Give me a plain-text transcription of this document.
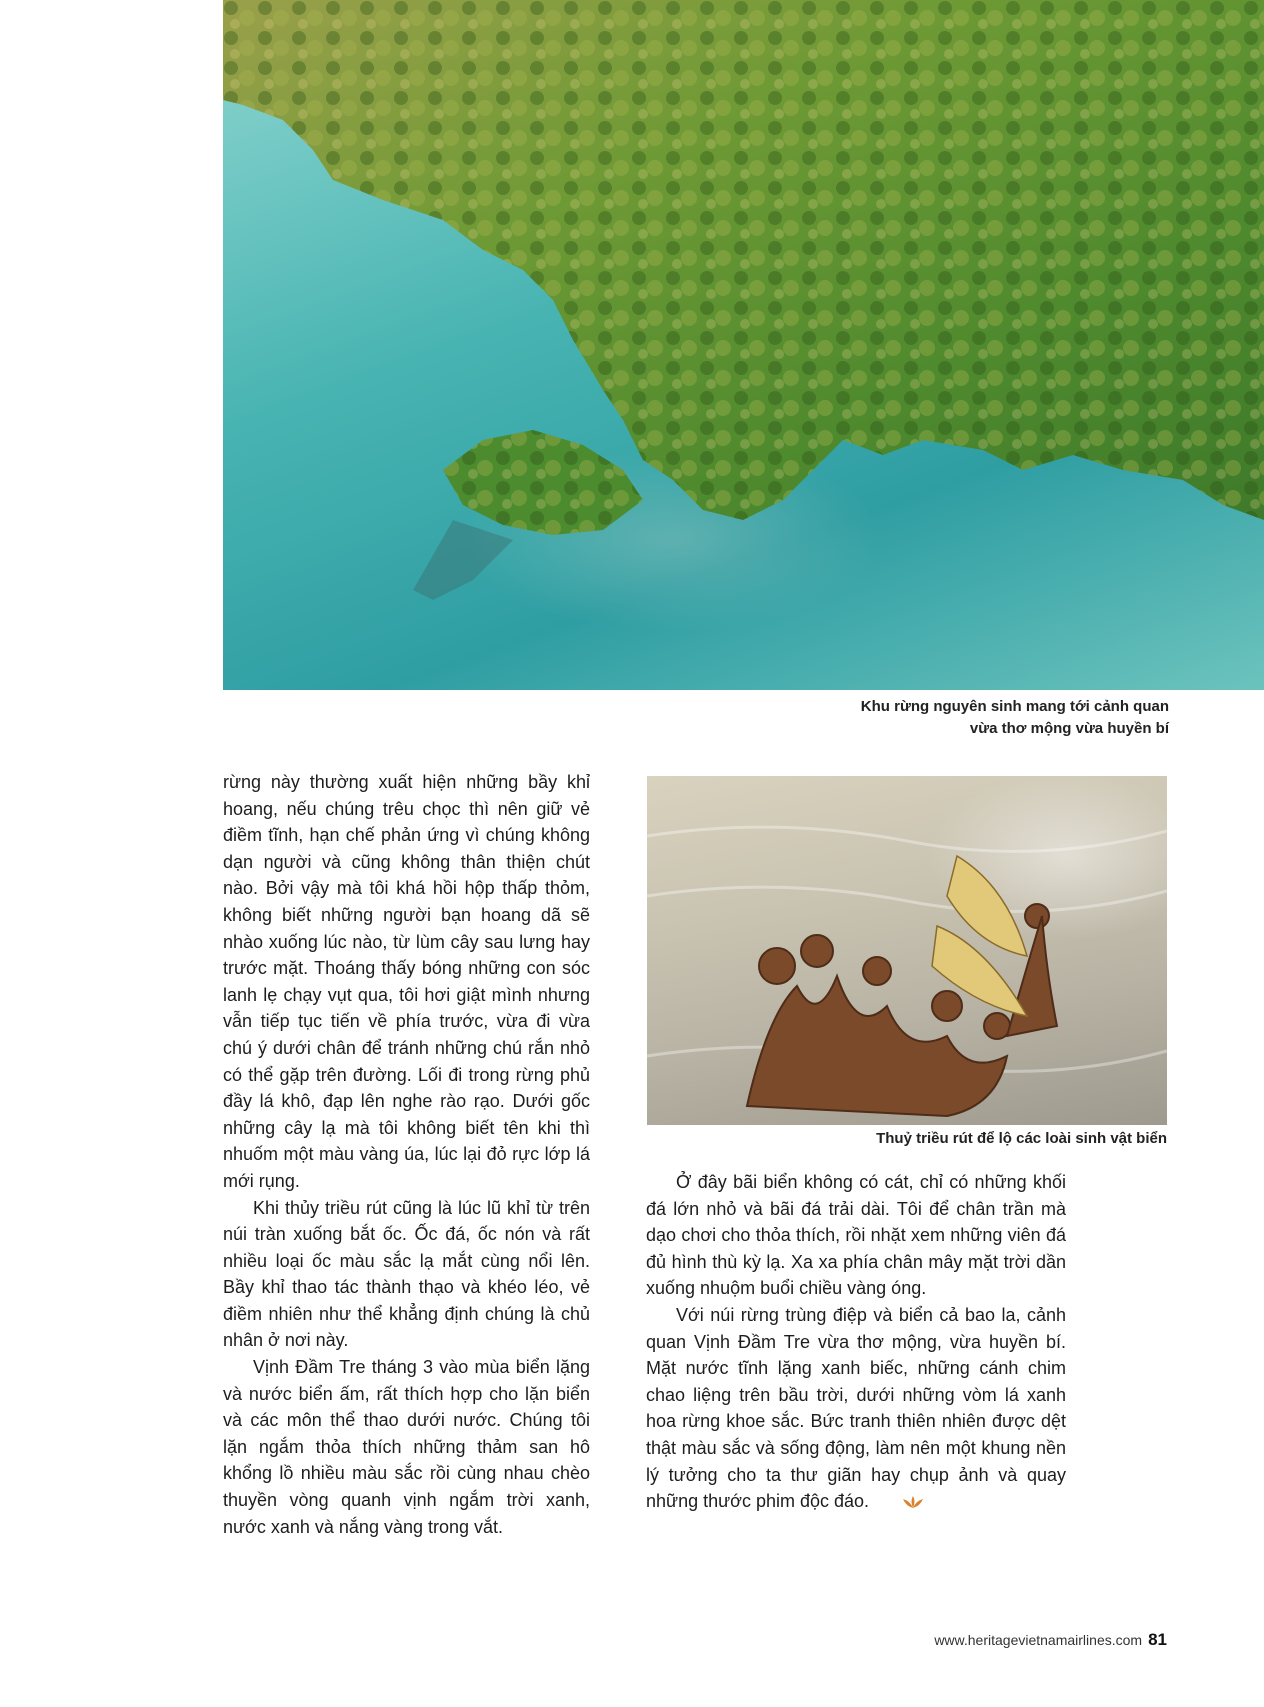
Khu rừng nguyên sinh mang tới cảnh quan
vừa thơ mộng vừa huyền bí

rừng này thường xuất hiện những bầy khỉ hoang, nếu chúng trêu chọc thì nên giữ vẻ điềm tĩnh, hạn chế phản ứng vì chúng không dạn người và cũng không thân thiện chút nào. Bởi vậy mà tôi khá hồi hộp thấp thỏm, không biết những người bạn hoang dã sẽ nhào xuống lúc nào, từ lùm cây sau lưng hay trước mặt. Thoáng thấy bóng những con sóc lanh lẹ chạy vụt qua, tôi hơi giật mình nhưng vẫn tiếp tục tiến về phía trước, vừa đi vừa chú ý dưới chân để tránh những chú rắn nhỏ có thể gặp trên đường. Lối đi trong rừng phủ đầy lá khô, đạp lên nghe rào rạo. Dưới gốc những cây lạ mà tôi không biết tên khi thì nhuốm một màu vàng úa, lúc lại đỏ rực lớp lá mới rụng.

Khi thủy triều rút cũng là lúc lũ khỉ từ trên núi tràn xuống bắt ốc. Ốc đá, ốc nón và rất nhiều loại ốc màu sắc lạ mắt cùng nổi lên. Bầy khỉ thao tác thành thạo và khéo léo, vẻ điềm nhiên như thể khẳng định chúng là chủ nhân ở nơi này.

Vịnh Đầm Tre tháng 3 vào mùa biển lặng và nước biển ấm, rất thích hợp cho lặn biển và các môn thể thao dưới nước. Chúng tôi lặn ngắm thỏa thích những thảm san hô khổng lồ nhiều màu sắc rồi cùng nhau chèo thuyền vòng quanh vịnh ngắm trời xanh, nước xanh và nắng vàng trong vắt.

Thuỷ triều rút để lộ các loài sinh vật biển

Ở đây bãi biển không có cát, chỉ có những khối đá lớn nhỏ và bãi đá trải dài. Tôi để chân trần mà dạo chơi cho thỏa thích, rồi nhặt xem những viên đá đủ hình thù kỳ lạ. Xa xa phía chân mây mặt trời dần xuống nhuộm buổi chiều vàng óng.

Với núi rừng trùng điệp và biển cả bao la, cảnh quan Vịnh Đầm Tre vừa thơ mộng, vừa huyền bí. Mặt nước tĩnh lặng xanh biếc, những cánh chim chao liệng trên bầu trời, dưới những vòm lá xanh hoa rừng khoe sắc. Bức tranh thiên nhiên được dệt thật màu sắc và sống động, làm nên một khung nền lý tưởng cho ta thư giãn hay chụp ảnh và quay những thước phim độc đáo.

www.heritagevietnamairlines.com 81
